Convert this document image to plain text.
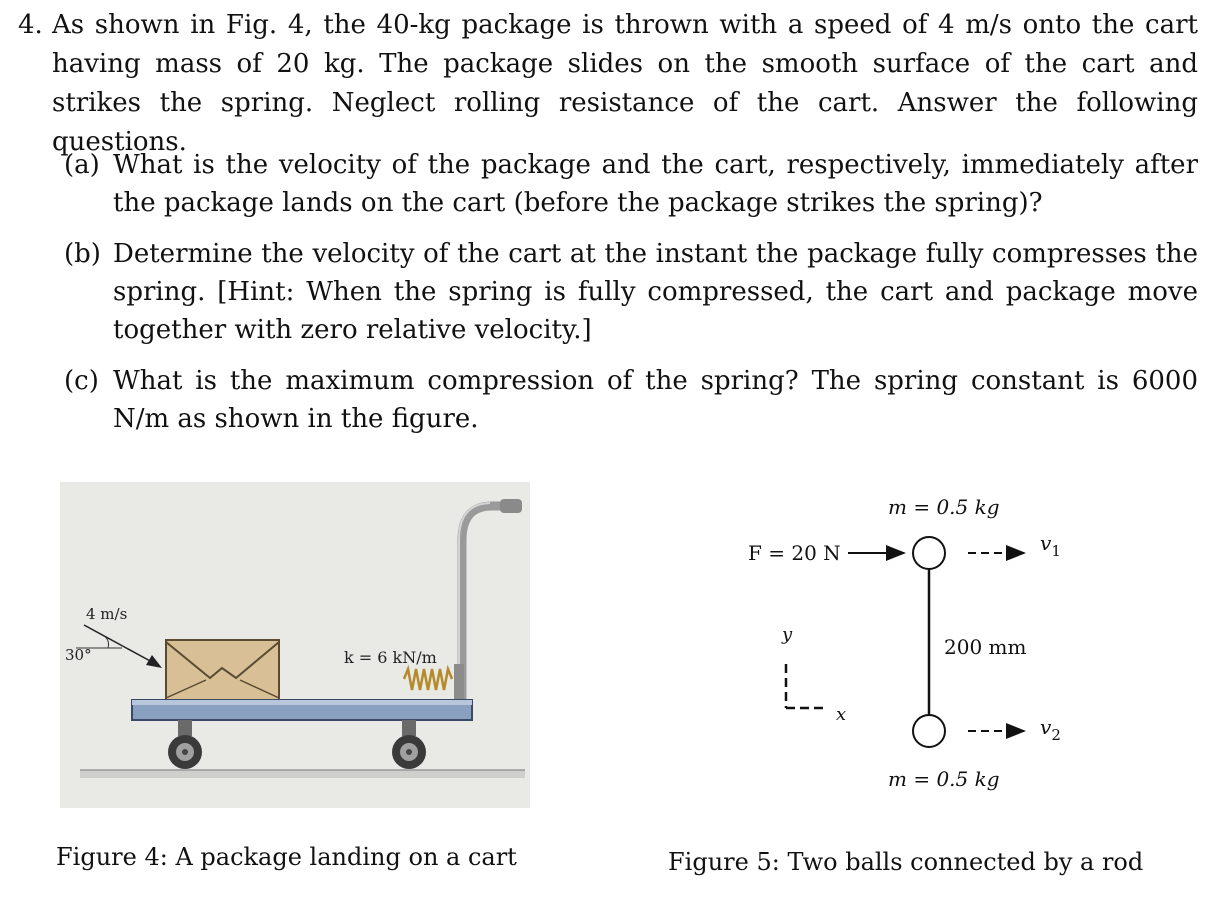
4. As shown in Fig. 4, the 40-kg package is thrown with a speed of 4 m/s onto the cart having mass of 20 kg. The package slides on the smooth surface of the cart and strikes the spring. Neglect rolling resistance of the cart. Answer the following questions.
(a) What is the velocity of the package and the cart, respectively, immediately after the package lands on the cart (before the package strikes the spring)?
(b) Determine the velocity of the cart at the instant the package fully compresses the spring. [Hint: When the spring is fully compressed, the cart and package move together with zero relative velocity.]
(c) What is the maximum compression of the spring? The spring constant is 6000 N/m as shown in the figure.
4 m/s
30°	k = 6 kN/m
Figure 4: A package landing on a cart
m = 0.5 kg
F = 20 N	$v_1$
$v_2$
200 mm
y
x
m = 0.5 kg
Figure 5: Two balls connected by a rod
